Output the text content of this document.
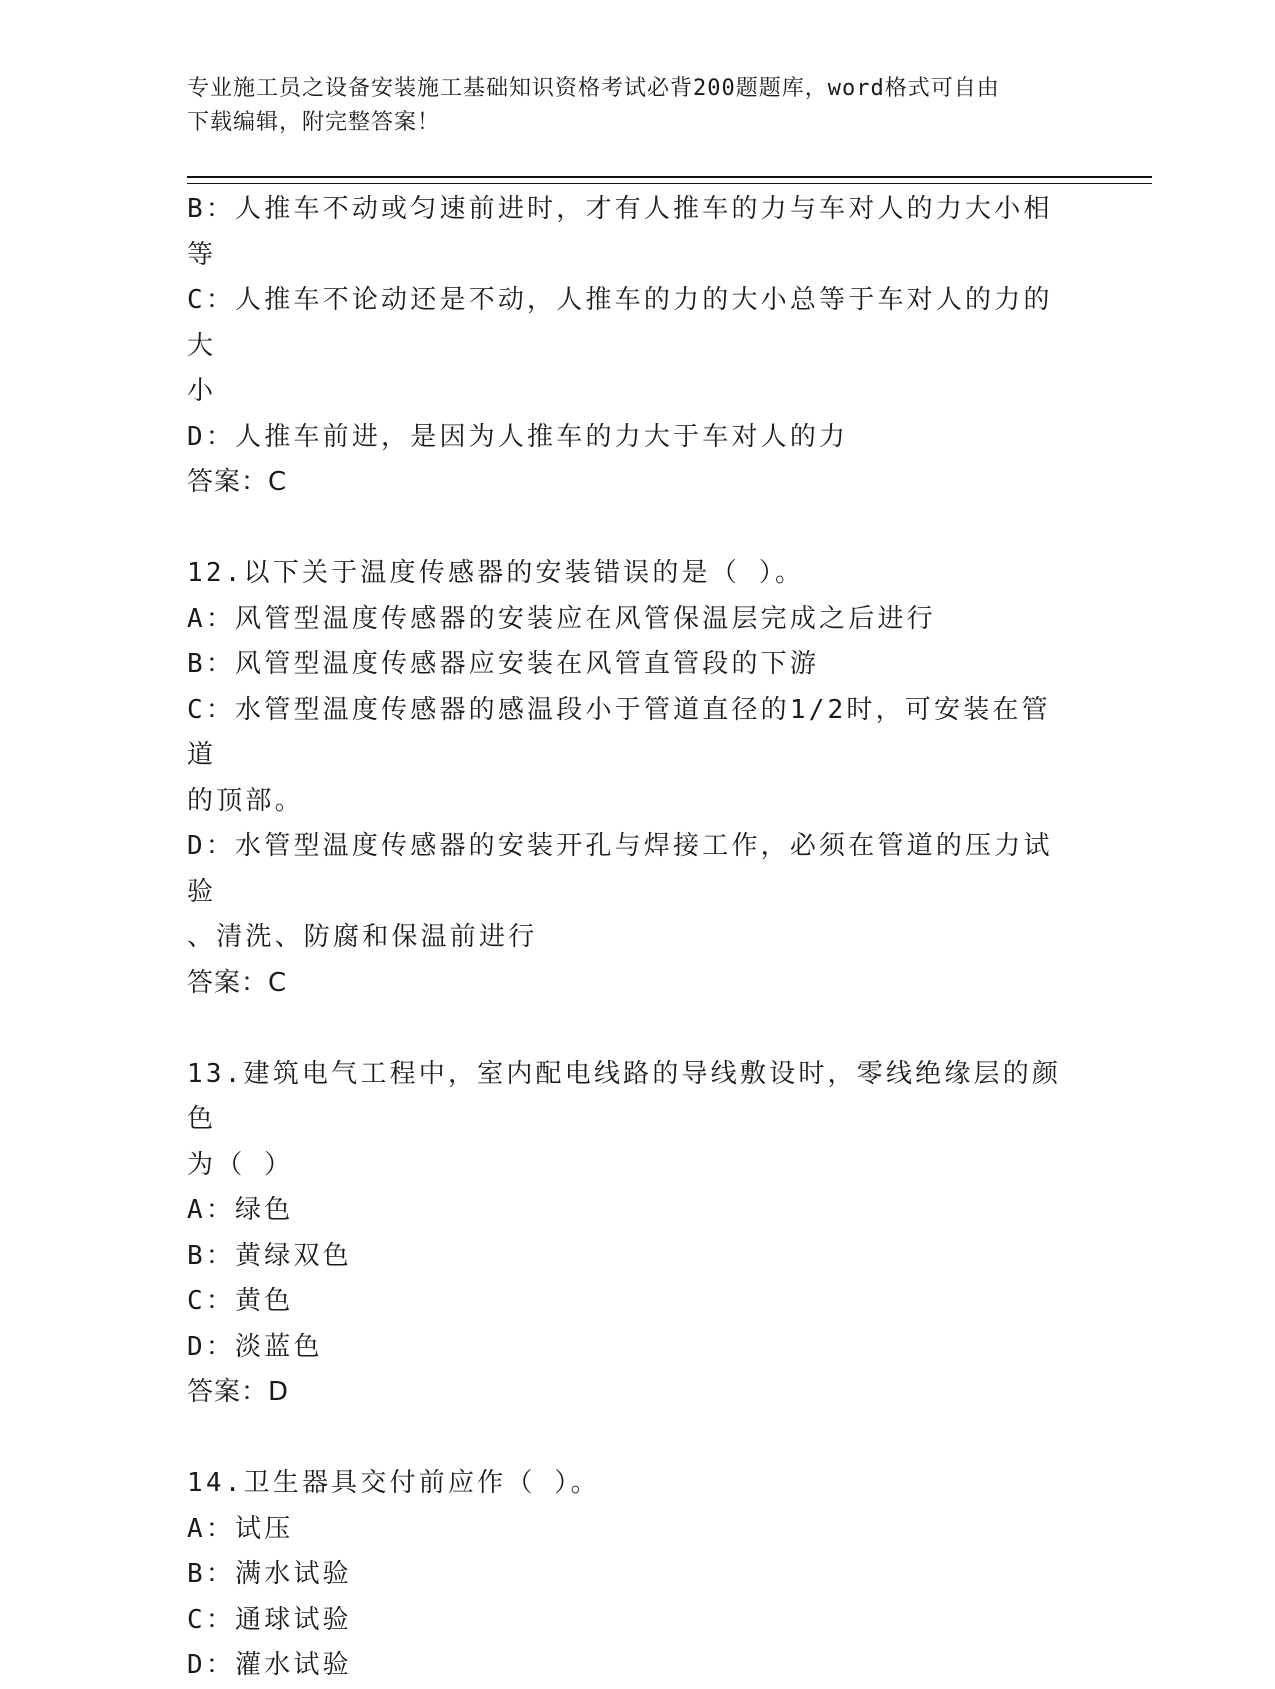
专业施工员之设备安装施工基础知识资格考试必背200题题库，word格式可自由
下载编辑，附完整答案！

B：人推车不动或匀速前进时，才有人推车的力与车对人的力大小相等

C：人推车不论动还是不动，人推车的力的大小总等于车对人的力的大

小

D：人推车前进，是因为人推车的力大于车对人的力

答案：C

12.以下关于温度传感器的安装错误的是（ ）。

A：风管型温度传感器的安装应在风管保温层完成之后进行

B：风管型温度传感器应安装在风管直管段的下游

C：水管型温度传感器的感温段小于管道直径的1/2时，可安装在管道

的顶部。

D：水管型温度传感器的安装开孔与焊接工作，必须在管道的压力试验

、清洗、防腐和保温前进行

答案：C

13.建筑电气工程中，室内配电线路的导线敷设时，零线绝缘层的颜色

为（ ）

A：绿色

B：黄绿双色

C：黄色

D：淡蓝色

答案：D

14.卫生器具交付前应作（ ）。

A：试压

B：满水试验

C：通球试验

D：灌水试验
